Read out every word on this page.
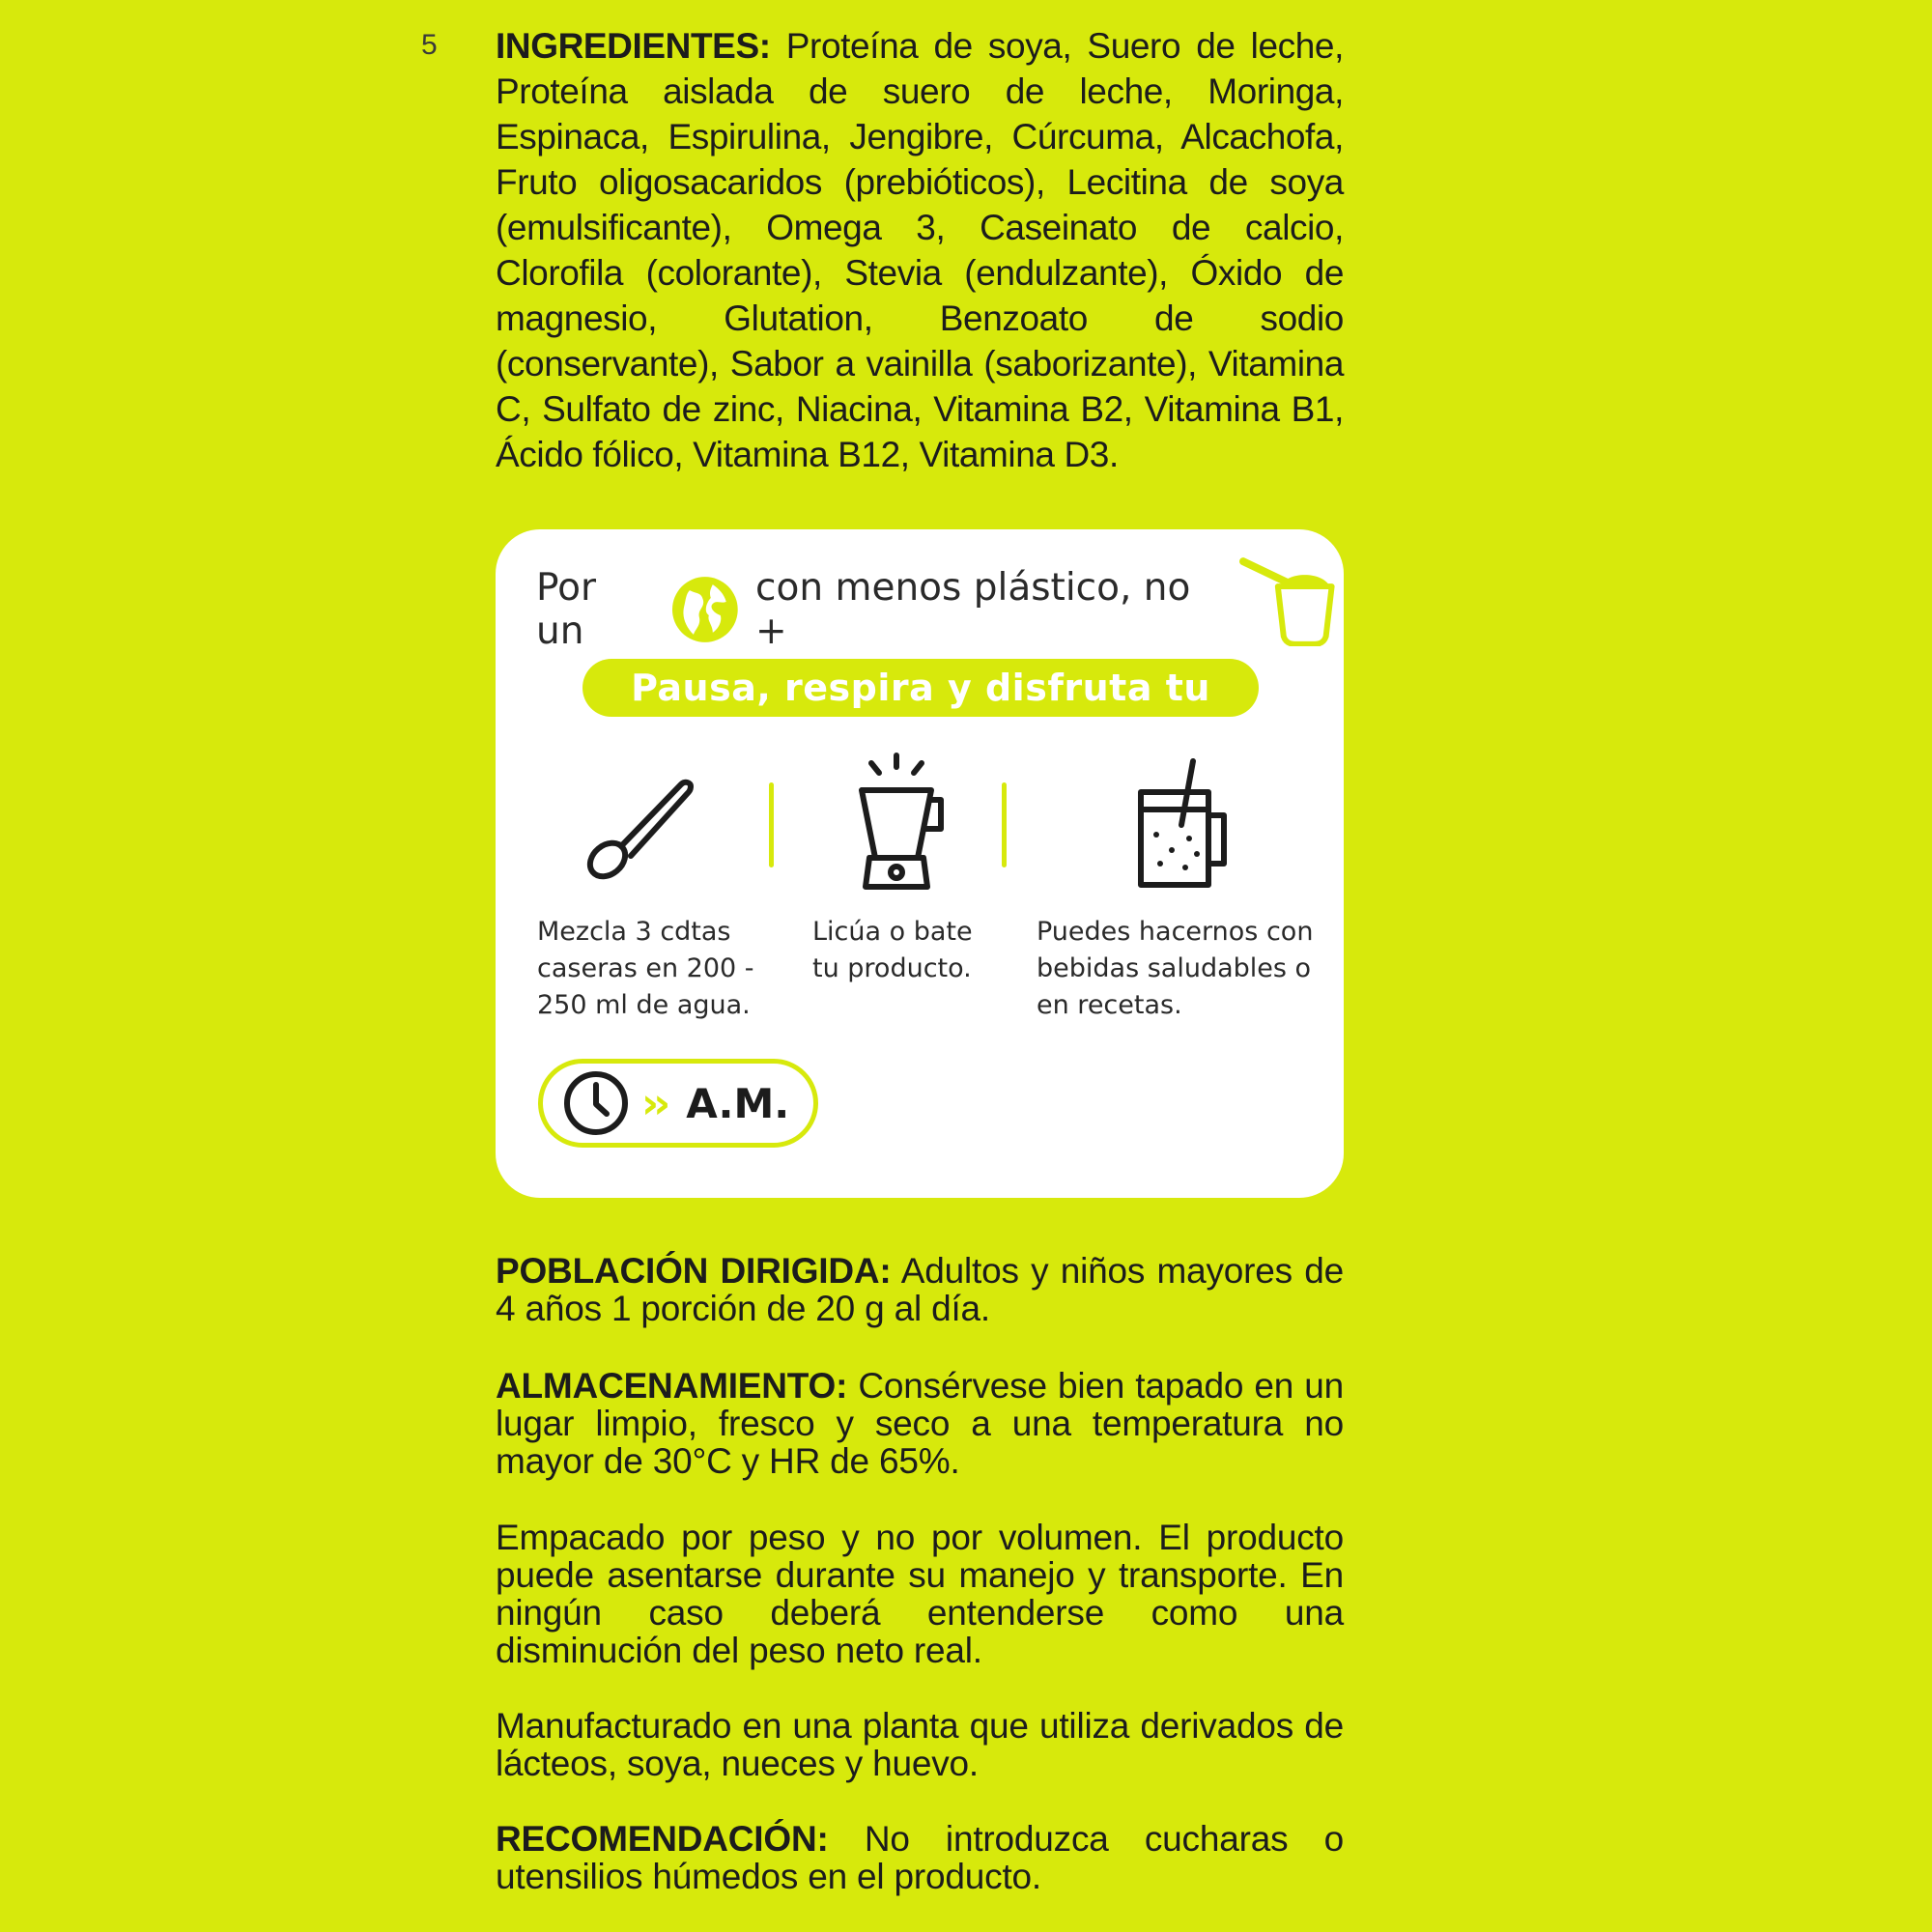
5 INGREDIENTES: Proteína de soya, Suero de leche, Proteína aislada de suero de leche, Moringa, Espinaca, Espirulina, Jengibre, Cúrcuma, Alcachofa, Fruto oligosacaridos (prebióticos), Lecitina de soya (emulsificante), Omega 3, Caseinato de calcio, Clorofila (colorante), Stevia (endulzante), Óxido de magnesio, Glutation, Benzoato de sodio (conservante), Sabor a vainilla (saborizante), Vitamina C, Sulfato de zinc, Niacina, Vitamina B2, Vitamina B1, Ácido fólico, Vitamina B12, Vitamina D3.
Por un
con menos plástico, no +
Pausa, respira y disfruta tu MOD
Mezcla 3 cdtas
caseras en 200 -
250 ml de agua.
Licúa o bate
tu producto.
Puedes hacernos con
bebidas saludables o
en recetas.
›› A.M.
POBLACIÓN DIRIGIDA: Adultos y niños mayores de 4 años 1 porción de 20 g al día.
ALMACENAMIENTO: Consérvese bien tapado en un lugar limpio, fresco y seco a una temperatura no mayor de 30°C y HR de 65%.
Empacado por peso y no por volumen. El producto puede asentarse durante su manejo y transporte. En ningún caso deberá entenderse como una disminución del peso neto real.
Manufacturado en una planta que utiliza derivados de lácteos, soya, nueces y huevo.
RECOMENDACIÓN: No introduzca cucharas o utensilios húmedos en el producto.
